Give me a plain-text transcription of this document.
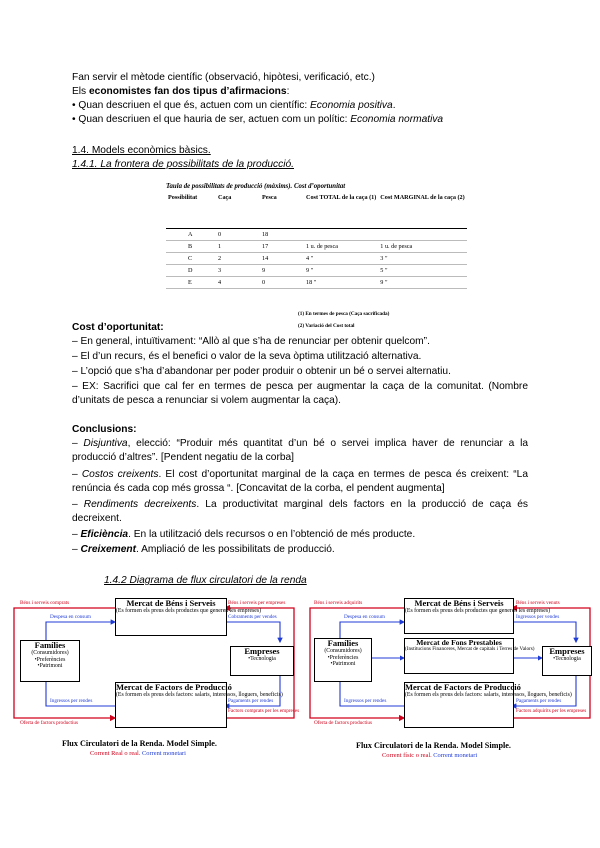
Fan servir el mètode científic (observació, hipòtesi, verificació, etc.)
Els economistes fan dos tipus d’afirmacions:
• Quan descriuen el que és, actuen com un científic: Economia positiva.
• Quan descriuen el que hauria de ser, actuen com un polític: Economia normativa
1.4. Models econòmics bàsics.
1.4.1. La frontera de possibilitats de la producció.
Taula de possibilitats de producció (màxims). Cost d’oportunitat
Possibilitat	Caça	Pesca	Cost TOTAL de la caça (1)	Cost MARGINAL de la caça (2)
A	0	18		
B	1	17	1 u. de pesca	1 u. de pesca
C	2	14	4 "	3 "
D	3	9	9 "	5 "
E	4	0	18 "	9 "
(1) En termes de pesca (Caça sacrificada)
(2) Variació del Cost total
Cost d’oportunitat:
– En general, intuïtivament: “Allò al que s’ha de renunciar per obtenir quelcom”.
– El d’un recurs, és el benefici o valor de la seva òptima utilització alternativa.
– L’opció que s’ha d’abandonar per poder produir o obtenir un bé o servei alternatiu.
– EX: Sacrifici que cal fer en termes de pesca per augmentar la caça de la comunitat. (Nombre d’unitats de pesca a renunciar si volem augmentar la caça).
Conclusions:
– Disjuntiva, elecció: “Produir més quantitat d’un bé o servei implica haver de renunciar a la producció d’altres”. [Pendent negatiu de la corba]
– Costos creixents. El cost d’oportunitat marginal de la caça en termes de pesca és creixent: “La renúncia és cada cop més grossa “. [Concavitat de la corba, el pendent augmenta]
– Rendiments decreixents. La productivitat marginal dels factors en la producció de caça és decreixent.
– Eficiència. En la utilització dels recursos o en l’obtenció de més producte.
– Creixement. Ampliació de les possibilitats de producció.
1.4.2 Diagrama de flux circulatori de la renda
Mercat de Béns i Serveis
(Es formen els preus dels productes que generen les empreses)
Famílies
(Consumidores)
•Preferències
•Patrimoni
Empreses
•Tecnologia
Mercat de Factors de Producció
(Es formen els preus dels factors: salaris, interessos, lloguers, beneficis)
Béns i serveis comprats
Despesa en consum
Béns i serveis per empreses
Cobraments per vendes
Ingressos per rendes
Oferta de factors productius
Pagaments per rendes
Factors comprats per les empreses
Flux Circulatori de la Renda. Model Simple.
Corrent Real o real. Corrent monetari
Mercat de Béns i Serveis
(Es formen els preus dels productes que generen les empreses)
Mercat de Fons Prestables
(Institucions Financeres, Mercat de capitals i Terres de Valors)
Famílies
(Consumidores)
•Preferències
•Patrimoni
Empreses
•Tecnologia
Mercat de Factors de Producció
(Es formen els preus dels factors: salaris, interessos, lloguers, beneficis)
Béns i serveis adquirits
Despesa en consum
Béns i serveis venuts
Ingressos per vendes
Ingressos per rendes
Oferta de factors productius
Pagaments per rendes
Factors adquirits per les empreses
Flux Circulatori de la Renda. Model Simple.
Corrent físic o real. Corrent monetari
